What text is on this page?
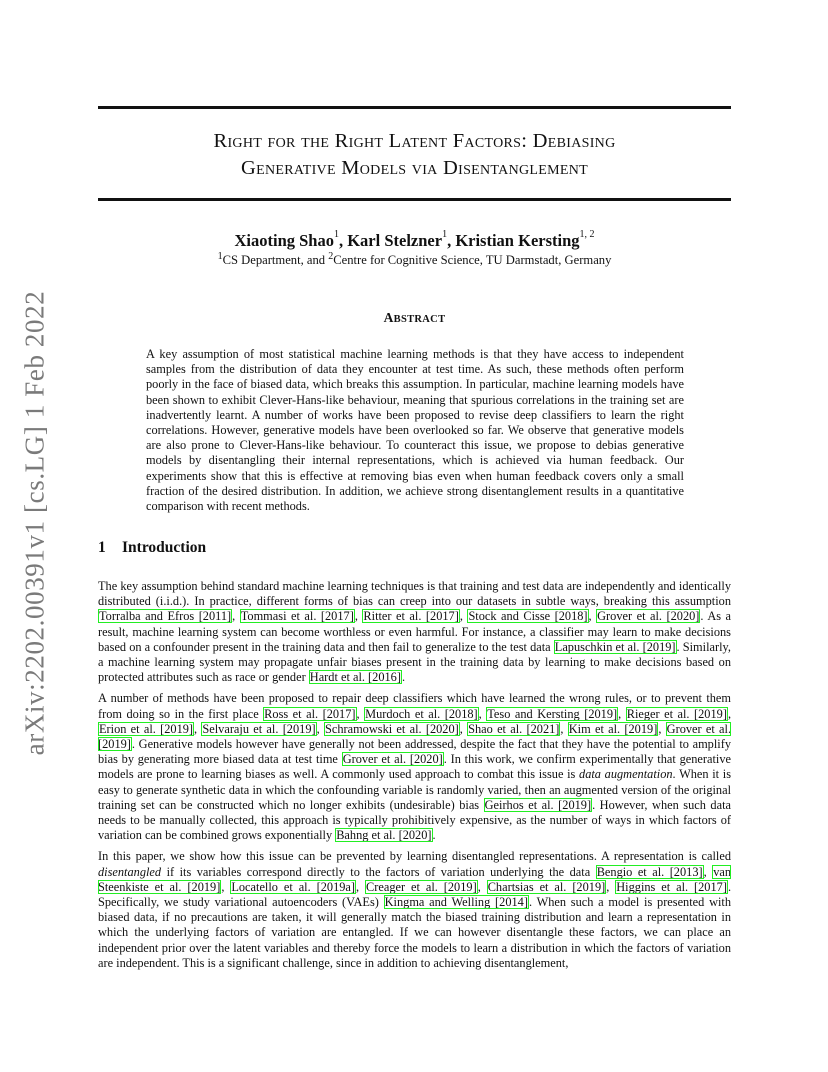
arXiv:2202.00391v1 [cs.LG] 1 Feb 2022
Right for the Right Latent Factors: Debiasing
Generative Models via Disentanglement
Xiaoting Shao$^1$, Karl Stelzner$^1$, Kristian Kersting$^{1, 2}$
$^1$CS Department, and $^2$Centre for Cognitive Science, TU Darmstadt, Germany
ABSTRACT
A key assumption of most statistical machine learning methods is that they have access to independent samples from the distribution of data they encounter at test time. As such, these methods often perform poorly in the face of biased data, which breaks this assumption. In particular, machine learning models have been shown to exhibit Clever-Hans-like behaviour, meaning that spurious correlations in the training set are inadvertently learnt. A number of works have been proposed to revise deep classifiers to learn the right correlations. However, generative models have been overlooked so far. We observe that generative models are also prone to Clever-Hans-like behaviour. To counteract this issue, we propose to debias generative models by disentangling their internal representations, which is achieved via human feedback. Our experiments show that this is effective at removing bias even when human feedback covers only a small fraction of the desired distribution. In addition, we achieve strong disentanglement results in a quantitative comparison with recent methods.
1 Introduction

The key assumption behind standard machine learning techniques is that training and test data are independently and identically distributed (i.i.d.). In practice, different forms of bias can creep into our datasets in subtle ways, breaking this assumption Torralba and Efros [2011], Tommasi et al. [2017], Ritter et al. [2017], Stock and Cisse [2018], Grover et al. [2020]. As a result, machine learning system can become worthless or even harmful. For instance, a classifier may learn to make decisions based on a confounder present in the training data and then fail to generalize to the test data Lapuschkin et al. [2019]. Similarly, a machine learning system may propagate unfair biases present in the training data by learning to make decisions based on protected attributes such as race or gender Hardt et al. [2016].

A number of methods have been proposed to repair deep classifiers which have learned the wrong rules, or to prevent them from doing so in the first place Ross et al. [2017], Murdoch et al. [2018], Teso and Kersting [2019], Rieger et al. [2019], Erion et al. [2019], Selvaraju et al. [2019], Schramowski et al. [2020], Shao et al. [2021], Kim et al. [2019], Grover et al. [2019]. Generative models however have generally not been addressed, despite the fact that they have the potential to amplify bias by generating more biased data at test time Grover et al. [2020]. In this work, we confirm experimentally that generative models are prone to learning biases as well. A commonly used approach to combat this issue is data augmentation. When it is easy to generate synthetic data in which the confounding variable is randomly varied, then an augmented version of the original training set can be constructed which no longer exhibits (undesirable) bias Geirhos et al. [2019]. However, when such data needs to be manually collected, this approach is typically prohibitively expensive, as the number of ways in which factors of variation can be combined grows exponentially Bahng et al. [2020].

In this paper, we show how this issue can be prevented by learning disentangled representations. A representation is called disentangled if its variables correspond directly to the factors of variation underlying the data Bengio et al. [2013], van Steenkiste et al. [2019], Locatello et al. [2019a], Creager et al. [2019], Chartsias et al. [2019], Higgins et al. [2017]. Specifically, we study variational autoencoders (VAEs) Kingma and Welling [2014]. When such a model is presented with biased data, if no precautions are taken, it will generally match the biased training distribution and learn a representation in which the underlying factors of variation are entangled. If we can however disentangle these factors, we can place an independent prior over the latent variables and thereby force the models to learn a distribution in which the factors of variation are independent. This is a significant challenge, since in addition to achieving disentanglement,
